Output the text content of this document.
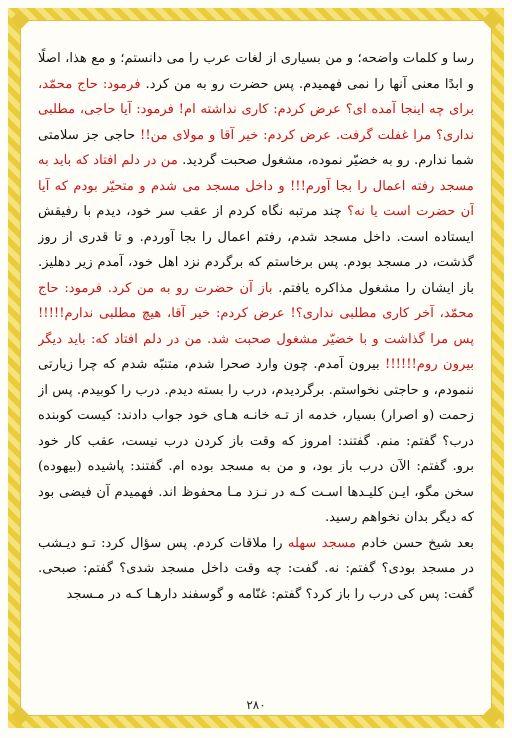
رسا و کلمات واضحه؛ و من بسیاری از لغات عرب را می دانستم؛ و مع هذا، اصلًا و ابدًا معنی آنها را نمی فهمیدم. پس حضرت رو به من کرد. فرمود: حاج محمّد، برای چه اینجا آمده ای؟ عرض کردم: کاری نداشته ام! فرمود: آیا حاجی، مطلبی نداری؟ مرا غفلت گرفت. عرض کردم: خیر آقا و مولای من!! حاجی جز سلامتی شما ندارم. رو به خضیّر نموده، مشغول صحبت گردید. من در دلم افتاد که باید به مسجد رفته اعمال را بجا آورم!!! و داخل مسجد می شدم و متحیّر بودم که آیا آن حضرت است یا نه؟ چند مرتبه نگاه کردم از عقب سر خود، دیدم با رفیقش ایستاده است. داخل مسجد شدم، رفتم اعمال را بجا آوردم. و تا قدری از روز گذشت، در مسجد بودم. پس برخاستم که برگردم نزد اهل خود، آمدم زیر دهلیز. باز ایشان را مشغول مذاکره یافتم. باز آن حضرت رو به من کرد. فرمود: حاج محمّد، آخر کاری مطلبی نداری؟! عرض کردم: خیر آقا، هیچ مطلبی ندارم!!!!! پس مرا گذاشت و با خضیّر مشغول صحبت شد. من در دلم افتاد که: باید دیگر بیرون روم!!!!!! بیرون آمدم. چون وارد صحرا شدم، متنبّه شدم که چرا زیارتی ننمودم، و حاجتی نخواستم. برگردیدم، درب را بسته دیدم. درب را کوبیدم. پس از زحمت (و اصرار) بسیار، خدمه از تـه خانـه هـای خود جواب دادند: کیست کوبنده درب؟ گفتم: منم. گفتند: امروز که وقت باز کردن درب نیست، عقب کار خود برو. گفتم: الآن درب باز بود، و من به مسجد بوده ام. گفتند: پاشیده (بیهوده) سخن مگو، ایـن کلیـدها اسـت کـه در نـزد مـا محفوظ اند. فهمیدم آن فیضی بود که دیگر بدان نخواهم رسید.

بعد شیخ حسن خادم مسجد سهله را ملاقات کردم. پس سؤال کرد: تـو دیـشب در مسجد بودی؟ گفتم: نه. گفت: چه وقت داخل مسجد شدی؟ گفتم: صبحی. گفت: پس کی درب را باز کرد؟ گفتم: غنّامه و گوسفند دارهـا کـه در مـسجد

۲۸۰
